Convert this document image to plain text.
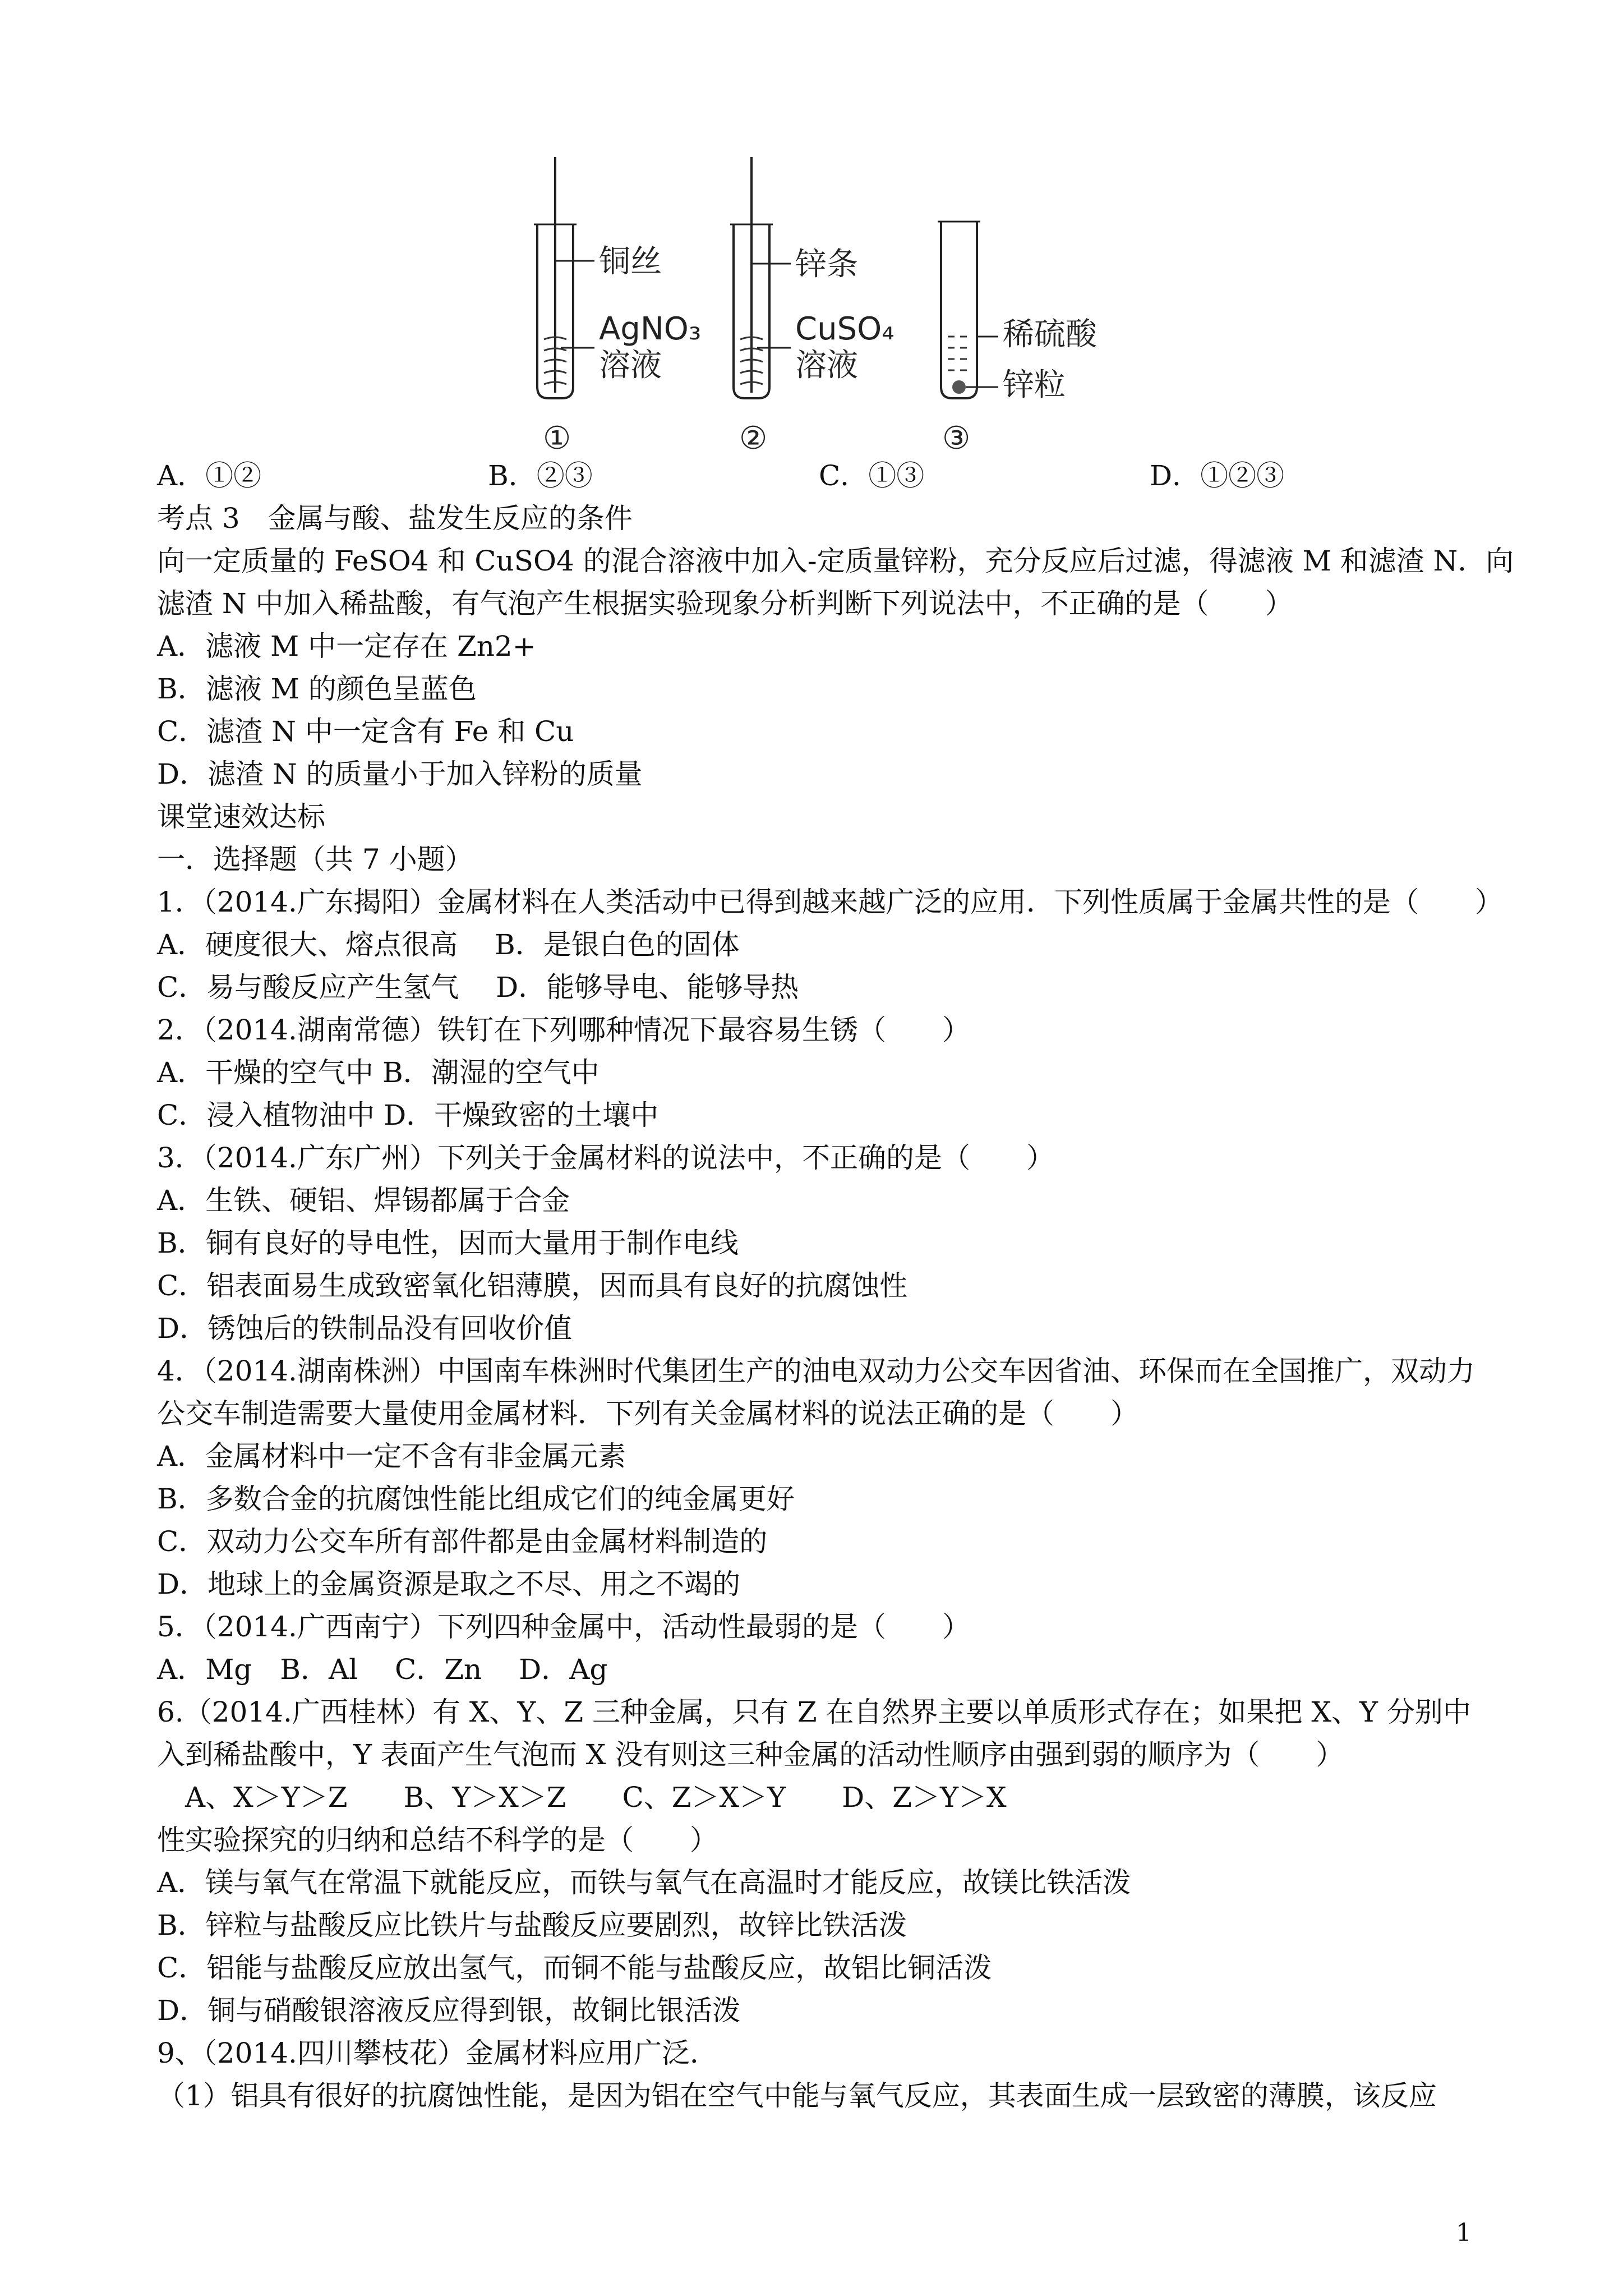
铜丝
AgNO₃
溶液
①
锌条
CuSO₄
溶液
②
稀硫酸
锌粒
③
A．①②	B．②③	C．①③	D．①②③
考点 3　金属与酸、盐发生反应的条件
向一定质量的 FeSO4 和 CuSO4 的混合溶液中加入-定质量锌粉，充分反应后过滤，得滤液 M 和滤渣 N．向
滤渣 N 中加入稀盐酸，有气泡产生根据实验现象分析判断下列说法中，不正确的是（　　）
A．滤液 M 中一定存在 Zn2+
B．滤液 M 的颜色呈蓝色
C．滤渣 N 中一定含有 Fe 和 Cu
D．滤渣 N 的质量小于加入锌粉的质量
课堂速效达标
一．选择题（共 7 小题）
1．（2014.广东揭阳）金属材料在人类活动中已得到越来越广泛的应用．下列性质属于金属共性的是（　　）
A．硬度很大、熔点很高　 B．是银白色的固体
C．易与酸反应产生氢气　 D．能够导电、能够导热
2．（2014.湖南常德）铁钉在下列哪种情况下最容易生锈（　　）
A．干燥的空气中 B．潮湿的空气中
C．浸入植物油中 D．干燥致密的土壤中
3．（2014.广东广州）下列关于金属材料的说法中，不正确的是（　　）
A．生铁、硬铝、焊锡都属于合金
B．铜有良好的导电性，因而大量用于制作电线
C．铝表面易生成致密氧化铝薄膜，因而具有良好的抗腐蚀性
D．锈蚀后的铁制品没有回收价值
4．（2014.湖南株洲）中国南车株洲时代集团生产的油电双动力公交车因省油、环保而在全国推广，双动力
公交车制造需要大量使用金属材料．下列有关金属材料的说法正确的是（　　）
A．金属材料中一定不含有非金属元素
B．多数合金的抗腐蚀性能比组成它们的纯金属更好
C．双动力公交车所有部件都是由金属材料制造的
D．地球上的金属资源是取之不尽、用之不竭的
5．（2014.广西南宁）下列四种金属中，活动性最弱的是（　　）
A．Mg　B．Al　 C．Zn　 D．Ag
6.（2014.广西桂林）有 X、Y、Z 三种金属，只有 Z 在自然界主要以单质形式存在；如果把 X、Y 分别中
入到稀盐酸中，Y 表面产生气泡而 X 没有则这三种金属的活动性顺序由强到弱的顺序为（　　）
　A、X＞Y＞Z　　B、Y＞X＞Z　　C、Z＞X＞Y　　D、Z＞Y＞X
性实验探究的归纳和总结不科学的是（　　）
A．镁与氧气在常温下就能反应，而铁与氧气在高温时才能反应，故镁比铁活泼
B．锌粒与盐酸反应比铁片与盐酸反应要剧烈，故锌比铁活泼
C．铝能与盐酸反应放出氢气，而铜不能与盐酸反应，故铝比铜活泼
D．铜与硝酸银溶液反应得到银，故铜比银活泼
9、（2014.四川攀枝花）金属材料应用广泛．
（1）铝具有很好的抗腐蚀性能，是因为铝在空气中能与氧气反应，其表面生成一层致密的薄膜，该反应
1
